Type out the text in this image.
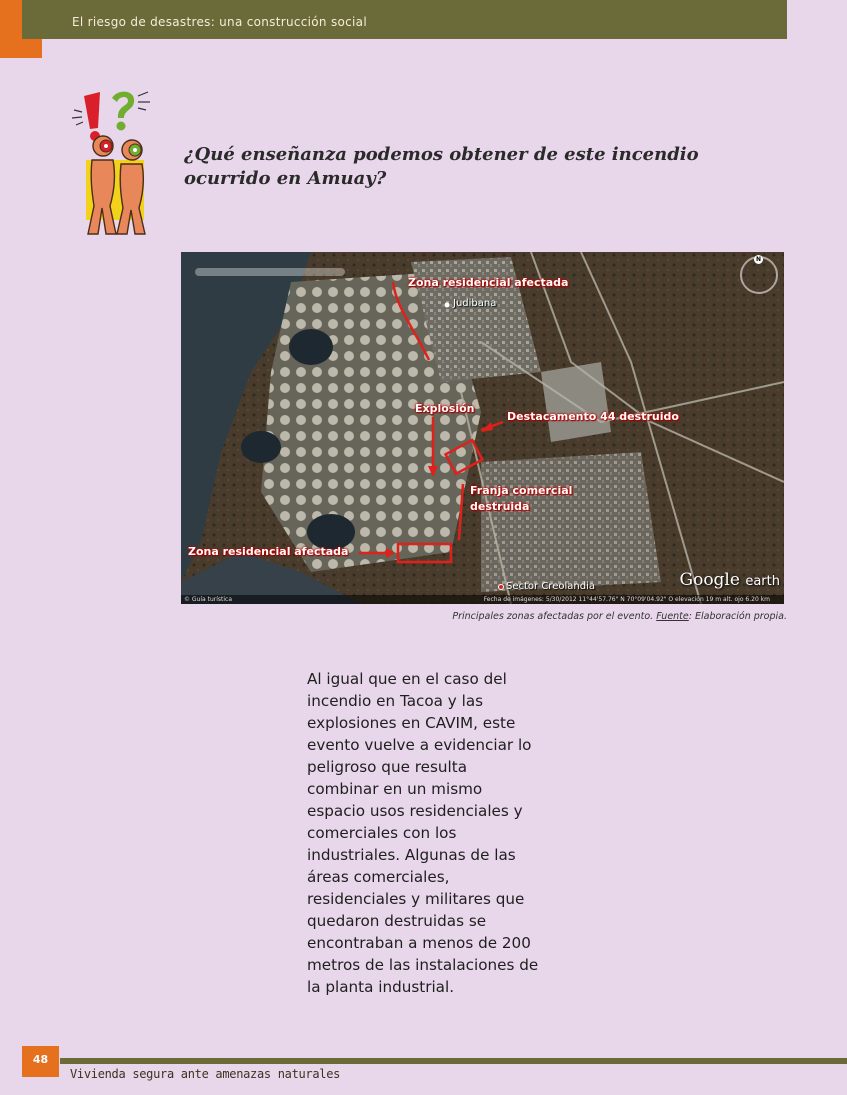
El riesgo de desastres: una construcción social
¿Qué enseñanza podemos obtener de este incendio ocurrido en Amuay?
N
Zona residencial afectada
Judibana
Explosión
Destacamento 44 destruido
Franja comercial destruida
Zona residencial afectada
Sector Creolandia	Google earth
© Guía turística	Fecha de imágenes: 5/30/2012 11°44'57.76" N 70°09'04.92" O elevación 19 m alt. ojo 6.20 km
Principales zonas afectadas por el evento. Fuente: Elaboración propia.
Al igual que en el caso del incendio en Tacoa y las explosiones en CAVIM, este evento vuelve a evidenciar lo peligroso que resulta combinar en un mismo espacio usos residenciales y comerciales con los industriales. Algunas de las áreas comerciales, residenciales y militares que quedaron destruidas se encontraban a menos de 200 metros de las instalaciones de la planta industrial.
48
Vivienda segura ante amenazas naturales
